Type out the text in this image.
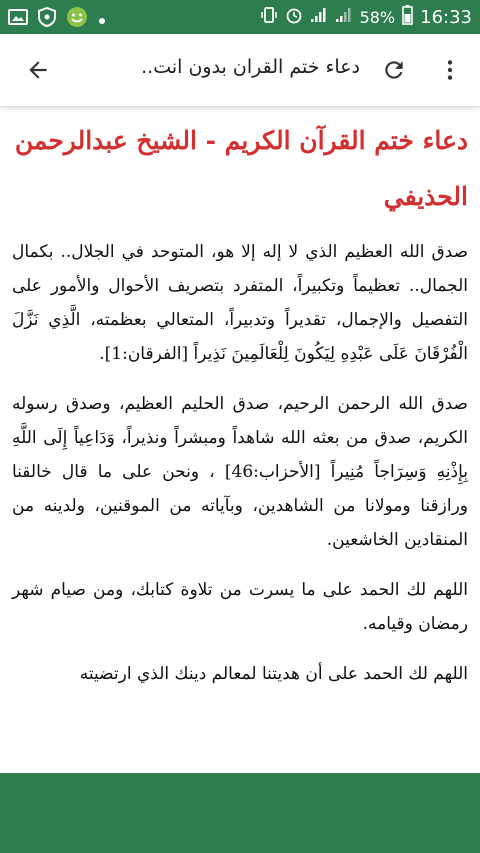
58% 16:33
دعاء ختم القران بدون انت..
دعاء ختم القرآن الكريم - الشيخ عبدالرحمن الحذيفي

صدق الله العظيم الذي لا إله إلا هو، المتوحد في الجلال.. بكمال الجمال.. تعظيماً وتكبيراً، المتفرد بتصريف الأحوال والأمور على التفصيل والإجمال، تقديراً وتدبيراً، المتعالي بعظمته، الَّذِي نَزَّلَ الْفُرْقَانَ عَلَى عَبْدِهِ لِيَكُونَ لِلْعَالَمِينَ نَذِيراً [الفرقان:1].

صدق الله الرحمن الرحيم، صدق الحليم العظيم، وصدق رسوله الكريم، صدق من بعثه الله شاهداً ومبشراً ونذيراً، وَدَاعِياً إِلَى اللَّهِ بِإِذْنِهِ وَسِرَاجاً مُنِيراً [الأحزاب:46] ، ونحن على ما قال خالقنا ورازقنا ومولانا من الشاهدين، وبآياته من الموقنين، ولدينه من المنقادين الخاشعين.

اللهم لك الحمد على ما يسرت من تلاوة كتابك، ومن صيام شهر رمضان وقيامه.

اللهم لك الحمد على أن هديتنا لمعالم دينك الذي ارتضيته
